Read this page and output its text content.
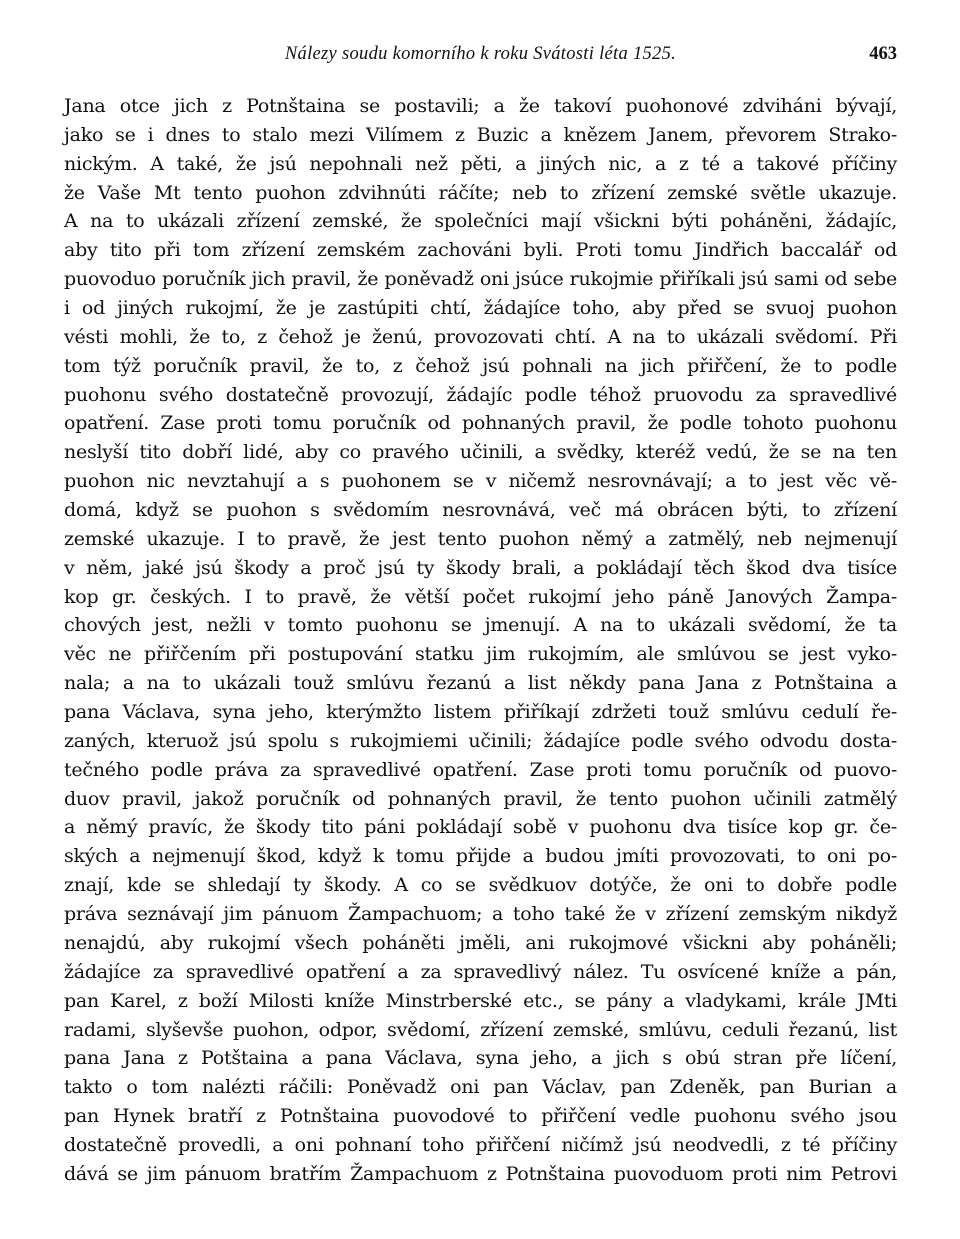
Nálezy soudu komorního k roku Svátosti léta 1525.	463
Jana otce jich z Potnštaina se postavili; a že takoví puohonové zdviháni bývají,
jako se i dnes to stalo mezi Vilímem z Buzic a knězem Janem, převorem Strako-
nickým. A také, že jsú nepohnali než pěti, a jiných nic, a z té a takové příčiny
že Vaše Mt tento puohon zdvihnúti ráčíte; neb to zřízení zemské světle ukazuje.
A na to ukázali zřízení zemské, že společníci mají všickni býti poháněni, žádajíc,
aby tito při tom zřízení zemském zachováni byli. Proti tomu Jindřich baccalář od
puovoduo poručník jich pravil, že poněvadž oni jsúce rukojmie přiříkali jsú sami od sebe
i od jiných rukojmí, že je zastúpiti chtí, žádajíce toho, aby před se svuoj puohon
vésti mohli, že to, z čehož je ženú, provozovati chtí. A na to ukázali svědomí. Při
tom týž poručník pravil, že to, z čehož jsú pohnali na jich přiřčení, že to podle
puohonu svého dostatečně provozují, žádajíc podle téhož pruovodu za spravedlivé
opatření. Zase proti tomu poručník od pohnaných pravil, že podle tohoto puohonu
neslyší tito dobří lidé, aby co pravého učinili, a svědky, kteréž vedú, že se na ten
puohon nic nevztahují a s puohonem se v ničemž nesrovnávají; a to jest věc vě-
domá, když se puohon s svědomím nesrovnává, več má obrácen býti, to zřízení
zemské ukazuje. I to pravě, že jest tento puohon němý a zatmělý, neb nejmenují
v něm, jaké jsú škody a proč jsú ty škody brali, a pokládají těch škod dva tisíce
kop gr. českých. I to pravě, že větší počet rukojmí jeho páně Janových Žampa-
chových jest, nežli v tomto puohonu se jmenují. A na to ukázali svědomí, že ta
věc ne přiřčením při postupování statku jim rukojmím, ale smlúvou se jest vyko-
nala; a na to ukázali touž smlúvu řezanú a list někdy pana Jana z Potnštaina a
pana Václava, syna jeho, kterýmžto listem přiříkají zdržeti touž smlúvu cedulí ře-
zaných, kteruož jsú spolu s rukojmiemi učinili; žádajíce podle svého odvodu dosta-
tečného podle práva za spravedlivé opatření. Zase proti tomu poručník od puovo-
duov pravil, jakož poručník od pohnaných pravil, že tento puohon učinili zatmělý
a němý pravíc, že škody tito páni pokládají sobě v puohonu dva tisíce kop gr. če-
ských a nejmenují škod, když k tomu přijde a budou jmíti provozovati, to oni po-
znají, kde se shledají ty škody. A co se svědkuov dotýče, že oni to dobře podle
práva seznávají jim pánuom Žampachuom; a toho také že v zřízení zemským nikdyž
nenajdú, aby rukojmí všech poháněti jměli, ani rukojmové všickni aby poháněli;
žádajíce za spravedlivé opatření a za spravedlivý nález. Tu osvícené kníže a pán,
pan Karel, z boží Milosti kníže Minstrberské etc., se pány a vladykami, krále JMti
radami, slyševše puohon, odpor, svědomí, zřízení zemské, smlúvu, ceduli řezanú, list
pana Jana z Potštaina a pana Václava, syna jeho, a jich s obú stran pře líčení,
takto o tom nalézti ráčili: Poněvadž oni pan Václav, pan Zdeněk, pan Burian a
pan Hynek bratří z Potnštaina puovodové to přiřčení vedle puohonu svého jsou
dostatečně provedli, a oni pohnaní toho přiřčení ničímž jsú neodvedli, z té příčiny
dává se jim pánuom bratřím Žampachuom z Potnštaina puovoduom proti nim Petrovi
